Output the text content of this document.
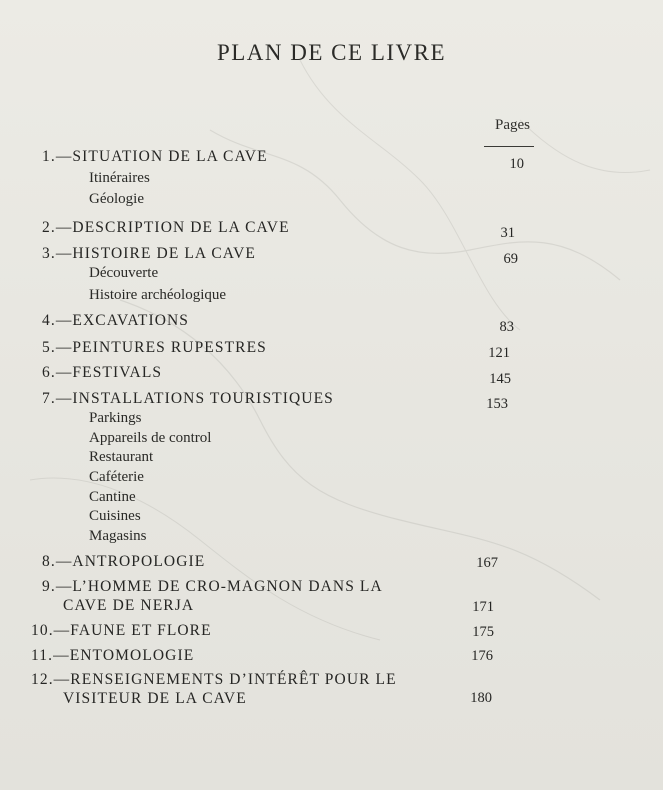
PLAN DE CE LIVRE
Pages
1.—SITUATION DE LA CAVE	10
Itinéraires
Géologie
2.—DESCRIPTION DE LA CAVE	31
3.—HISTOIRE DE LA CAVE	69
Découverte
Histoire archéologique
4.—EXCAVATIONS	83
5.—PEINTURES RUPESTRES	121
6.—FESTIVALS	145
7.—INSTALLATIONS TOURISTIQUES	153
Parkings
Appareils de control
Restaurant
Caféterie
Cantine
Cuisines
Magasins
8.—ANTROPOLOGIE	167
9.—L’HOMME DE CRO-MAGNON DANS LA
CAVE DE NERJA	171
10.—FAUNE ET FLORE	175
11.—ENTOMOLOGIE	176
12.—RENSEIGNEMENTS D’INTÉRÊT POUR LE
VISITEUR DE LA CAVE	180
